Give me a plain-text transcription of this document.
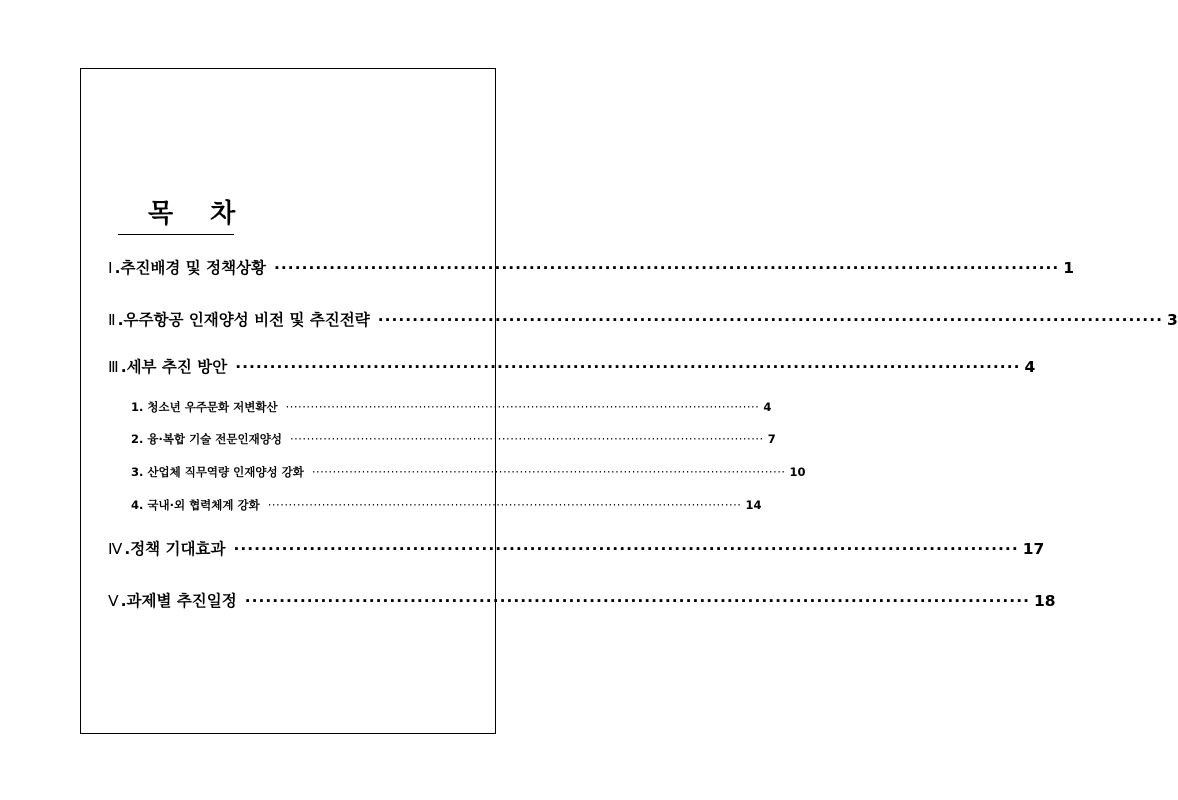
목 차
Ⅰ . 추진배경 및 정책상황 ·················································································································· 1
Ⅱ . 우주항공 인재양성 비전 및 추진전략 ·················································································································· 3
Ⅲ . 세부 추진 방안 ·················································································································· 4
1. 청소년 우주문화 저변확산 ·················································································································· 4
2. 융·복합 기술 전문인재양성 ·················································································································· 7
3. 산업체 직무역량 인재양성 강화 ·················································································································· 10
4. 국내·외 협력체계 강화 ·················································································································· 14
Ⅳ . 정책 기대효과 ·················································································································· 17
Ⅴ . 과제별 추진일정 ·················································································································· 18
